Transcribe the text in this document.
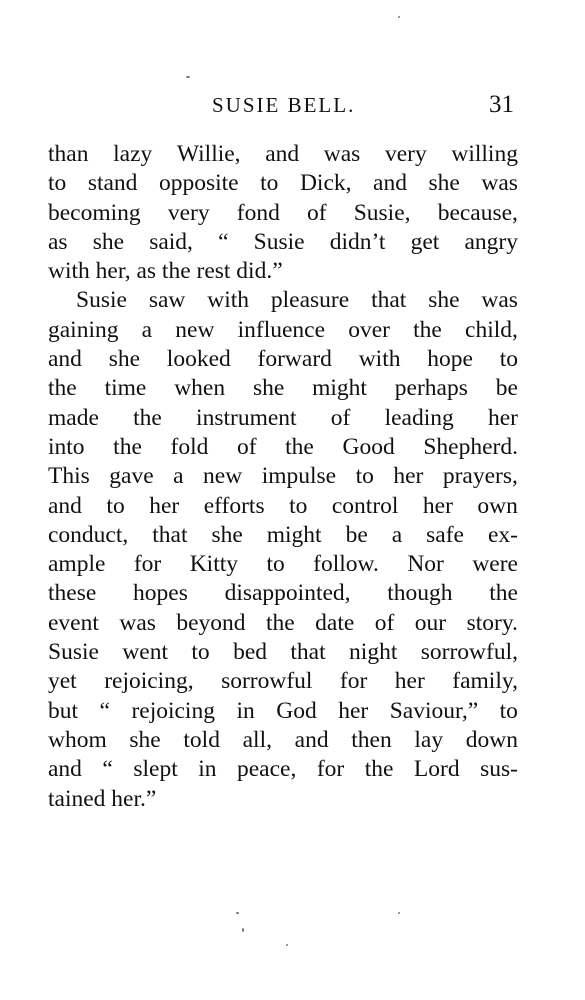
SUSIE BELL.	31
than lazy Willie, and was very willing
to stand opposite to Dick, and she was
becoming very fond of Susie, because,
as she said, “ Susie didn’t get angry
with her, as the rest did.”
Susie saw with pleasure that she was
gaining a new influence over the child,
and she looked forward with hope to
the time when she might perhaps be
made the instrument of leading her
into the fold of the Good Shepherd.
This gave a new impulse to her prayers,
and to her efforts to control her own
conduct, that she might be a safe ex-
ample for Kitty to follow. Nor were
these hopes disappointed, though the
event was beyond the date of our story.
Susie went to bed that night sorrowful,
yet rejoicing, sorrowful for her family,
but “ rejoicing in God her Saviour,” to
whom she told all, and then lay down
and “ slept in peace, for the Lord sus-
tained her.”
